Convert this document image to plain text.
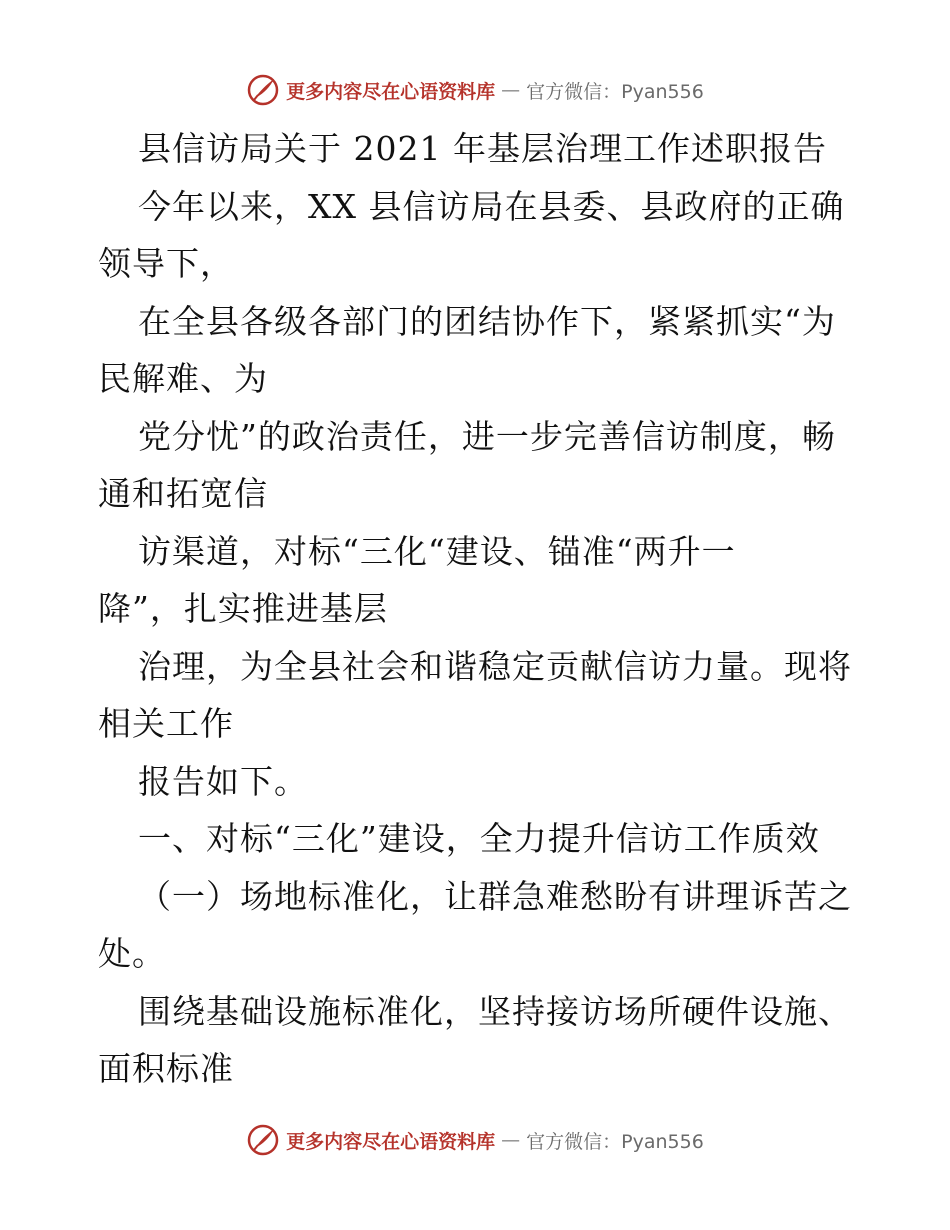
更多内容尽在心语资料库 — 官方微信：Pyan556
县信访局关于 2021 年基层治理工作述职报告
今年以来，XX 县信访局在县委、县政府的正确
领导下，
在全县各级各部门的团结协作下，紧紧抓实“为
民解难、为
党分忧”的政治责任，进一步完善信访制度，畅
通和拓宽信
访渠道，对标“三化“建设、锚准“两升一
降”，扎实推进基层
治理，为全县社会和谐稳定贡献信访力量。现将
相关工作
报告如下。
一、对标“三化”建设，全力提升信访工作质效
（一）场地标准化，让群急难愁盼有讲理诉苦之
处。
围绕基础设施标准化，坚持接访场所硬件设施、
面积标准
更多内容尽在心语资料库 — 官方微信：Pyan556
